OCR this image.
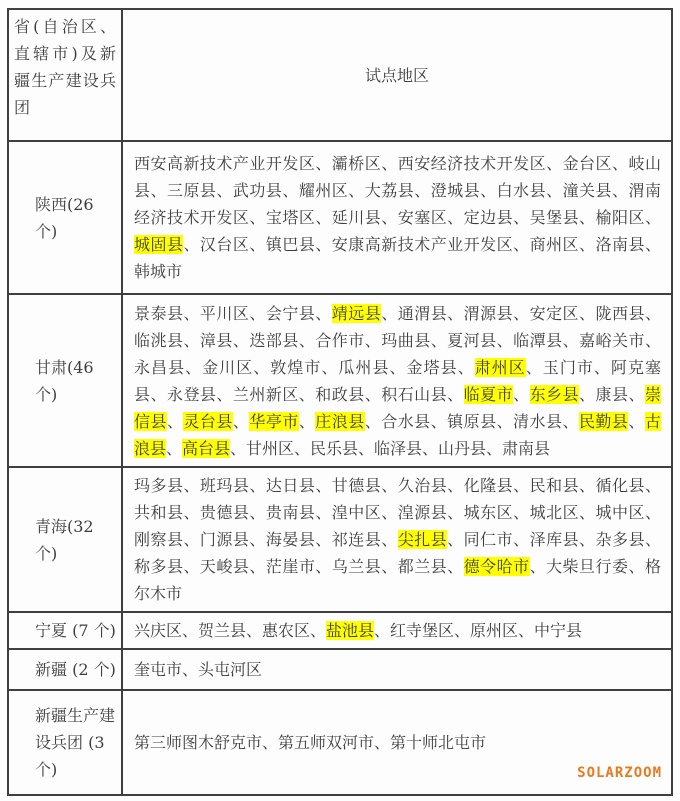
省(自治区、直辖市)及新疆生产建设兵团	试点地区
陕西(26 个)	西安高新技术产业开发区、灞桥区、西安经济技术开发区、金台区、岐山县、三原县、武功县、耀州区、大荔县、澄城县、白水县、潼关县、渭南经济技术开发区、宝塔区、延川县、安塞区、定边县、吴堡县、榆阳区、城固县、汉台区、镇巴县、安康高新技术产业开发区、商州区、洛南县、韩城市
甘肃(46 个)	景泰县、平川区、会宁县、靖远县、通渭县、渭源县、安定区、陇西县、临洮县、漳县、迭部县、合作市、玛曲县、夏河县、临潭县、嘉峪关市、永昌县、金川区、敦煌市、瓜州县、金塔县、肃州区、玉门市、阿克塞县、永登县、兰州新区、和政县、积石山县、临夏市、东乡县、康县、崇信县、灵台县、华亭市、庄浪县、合水县、镇原县、清水县、民勤县、古浪县、高台县、甘州区、民乐县、临泽县、山丹县、肃南县
青海(32 个)	玛多县、班玛县、达日县、甘德县、久治县、化隆县、民和县、循化县、共和县、贵德县、贵南县、湟中区、湟源县、城东区、城北区、城中区、刚察县、门源县、海晏县、祁连县、尖扎县、同仁市、泽库县、杂多县、称多县、天峻县、茫崖市、乌兰县、都兰县、德令哈市、大柴旦行委、格尔木市
宁夏 (7 个)	兴庆区、贺兰县、惠农区、盐池县、红寺堡区、原州区、中宁县
新疆 (2 个)	奎屯市、头屯河区
新疆生产建设兵团 (3 个)	第三师图木舒克市、第五师双河市、第十师北屯市
SOLARZOOM
